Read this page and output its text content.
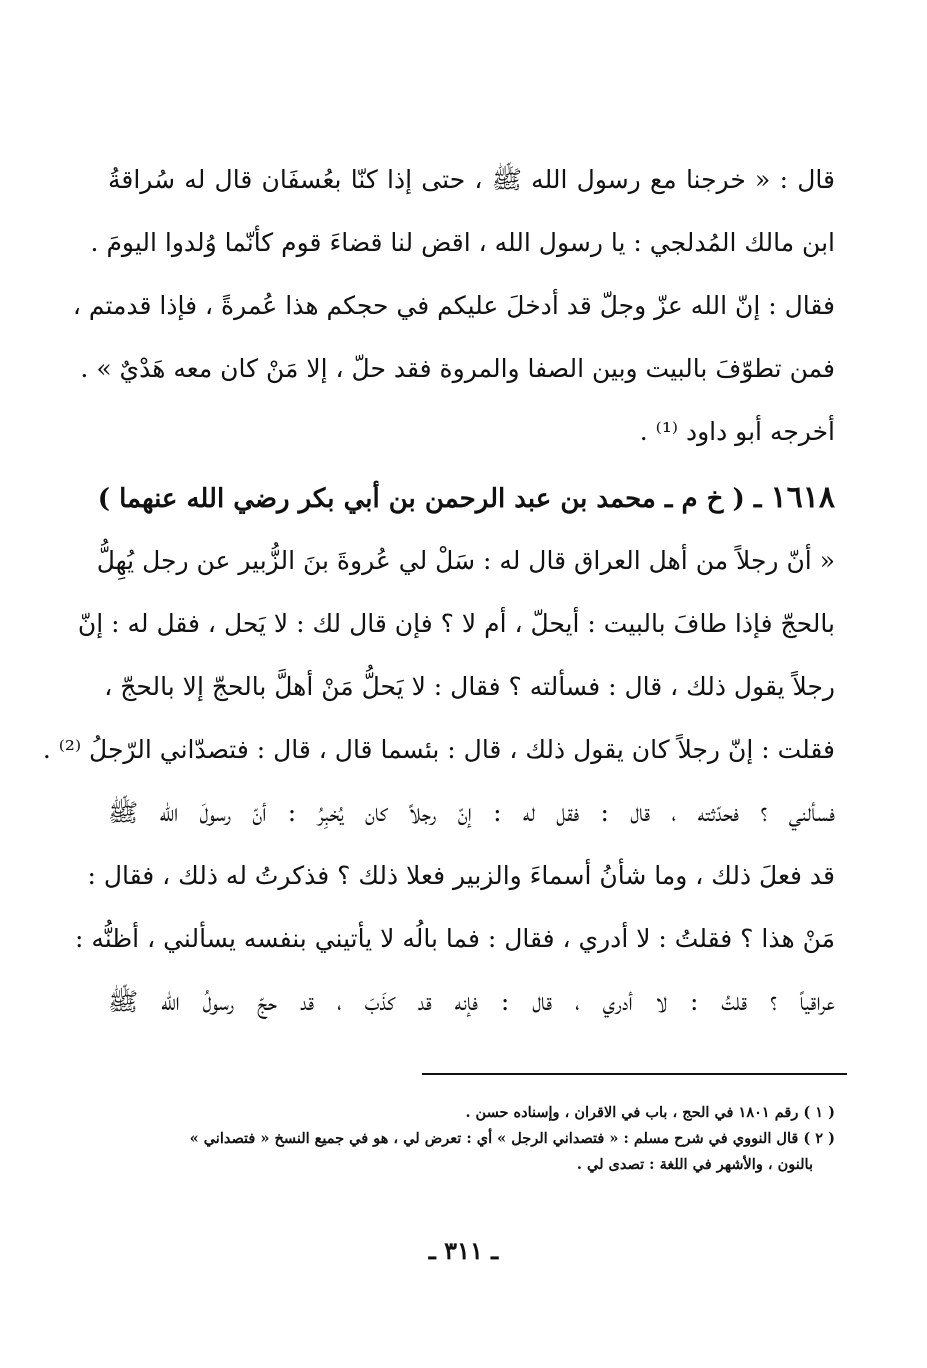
قال : « خرجنا مع رسول الله ﷺ ، حتى إذا كنّا بعُسفَان قال له سُراقةُ
ابن مالك المُدلجي : يا رسول الله ، اقض لنا قضاءَ قوم كأنّما وُلدوا اليومَ .
فقال : إنّ الله عزّ وجلّ قد أدخلَ عليكم في حجكم هذا عُمرةً ، فإذا قدمتم ،
فمن تطوّفَ بالبيت وبين الصفا والمروة فقد حلّ ، إلا مَنْ كان معه هَدْيٌ » .
أخرجه أبو داود ⁽¹⁾ .
١٦١٨ ـ ( خ م ـ محمد بن عبد الرحمن بن أبي بكر رضي الله عنهما )
« أنّ رجلاً من أهل العراق قال له : سَلْ لي عُروةَ بنَ الزُّبير عن رجل يُهِلُّ
بالحجّ فإذا طافَ بالبيت : أيحلّ ، أم لا ؟ فإن قال لك : لا يَحل ، فقل له : إنّ
رجلاً يقول ذلك ، قال : فسألته ؟ فقال : لا يَحلُّ مَنْ أهلَّ بالحجّ إلا بالحجّ ،
فقلت : إنّ رجلاً كان يقول ذلك ، قال : بئسما قال ، قال : فتصدّاني الرّجلُ ⁽²⁾ .
فسألني ؟ فحدّثته ، قال : فقل له : إنّ رجلاً كان يُخبِرُ : أنّ رسولَ الله ﷺ
قد فعلَ ذلك ، وما شأنُ أسماءَ والزبير فعلا ذلك ؟ فذكرتُ له ذلك ، فقال :
مَنْ هذا ؟ فقلتُ : لا أدري ، فقال : فما بالُه لا يأتيني بنفسه يسألني ، أظنُّه :
عراقياً ؟ قلتُ : لا أدري ، قال : فإنه قد كذَبَ ، قد حجّ رسولُ الله ﷺ
( ١ ) رقم ١٨٠١ في الحج ، باب في الاقران ، وإسناده حسن .
( ٢ ) قال النووي في شرح مسلم : « فتصداني الرجل » أي : تعرض لي ، هو في جميع النسخ « فتصداني »
بالنون ، والأشهر في اللغة : تصدى لي .
ـ ٣١١ ـ
